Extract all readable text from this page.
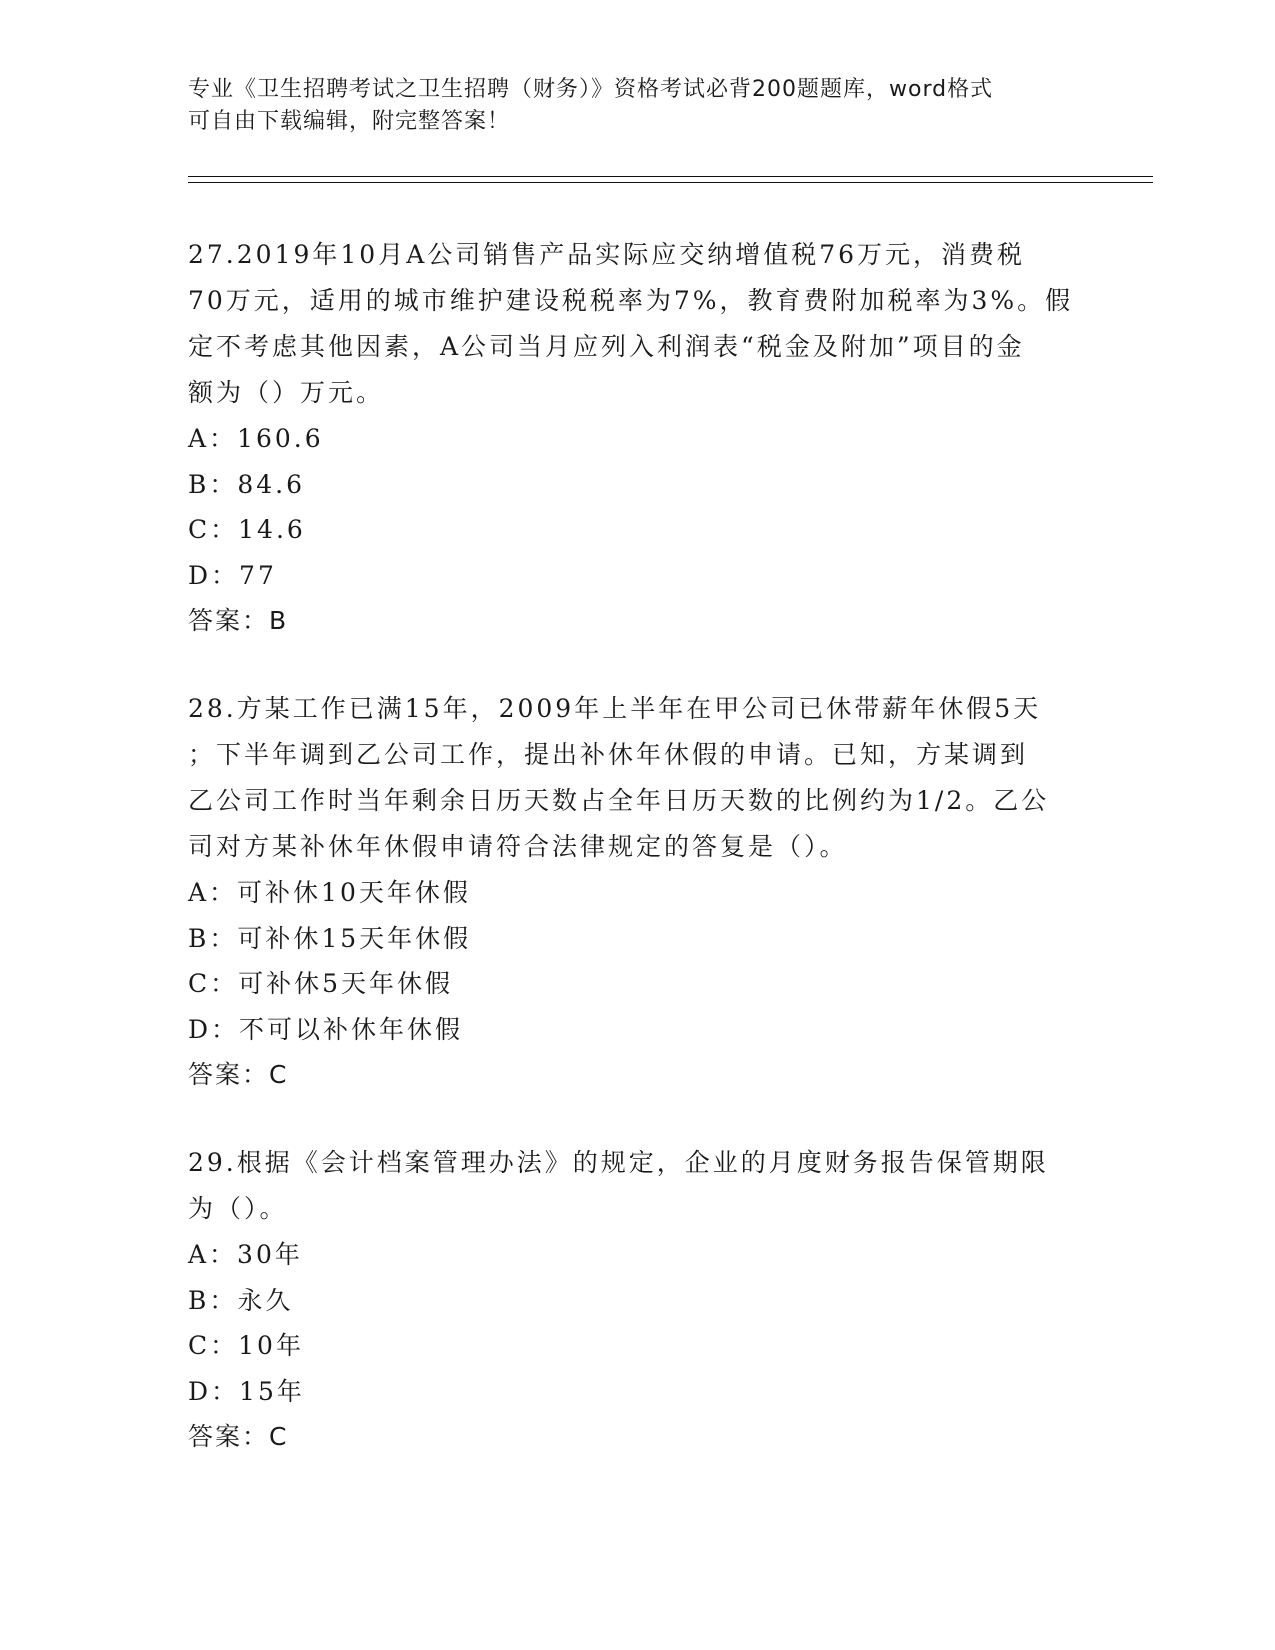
专业《卫生招聘考试之卫生招聘（财务）》资格考试必背200题题库，word格式
可自由下载编辑，附完整答案！
27.2019年10月A公司销售产品实际应交纳增值税76万元，消费税
70万元，适用的城市维护建设税税率为7%，教育费附加税率为3%。假
定不考虑其他因素，A公司当月应列入利润表“税金及附加”项目的金
额为（）万元。
A：160.6
B：84.6
C：14.6
D：77
答案：B
28.方某工作已满15年，2009年上半年在甲公司已休带薪年休假5天
；下半年调到乙公司工作，提出补休年休假的申请。已知，方某调到
乙公司工作时当年剩余日历天数占全年日历天数的比例约为1/2。乙公
司对方某补休年休假申请符合法律规定的答复是（）。
A：可补休10天年休假
B：可补休15天年休假
C：可补休5天年休假
D：不可以补休年休假
答案：C
29.根据《会计档案管理办法》的规定，企业的月度财务报告保管期限
为（）。
A：30年
B：永久
C：10年
D：15年
答案：C
